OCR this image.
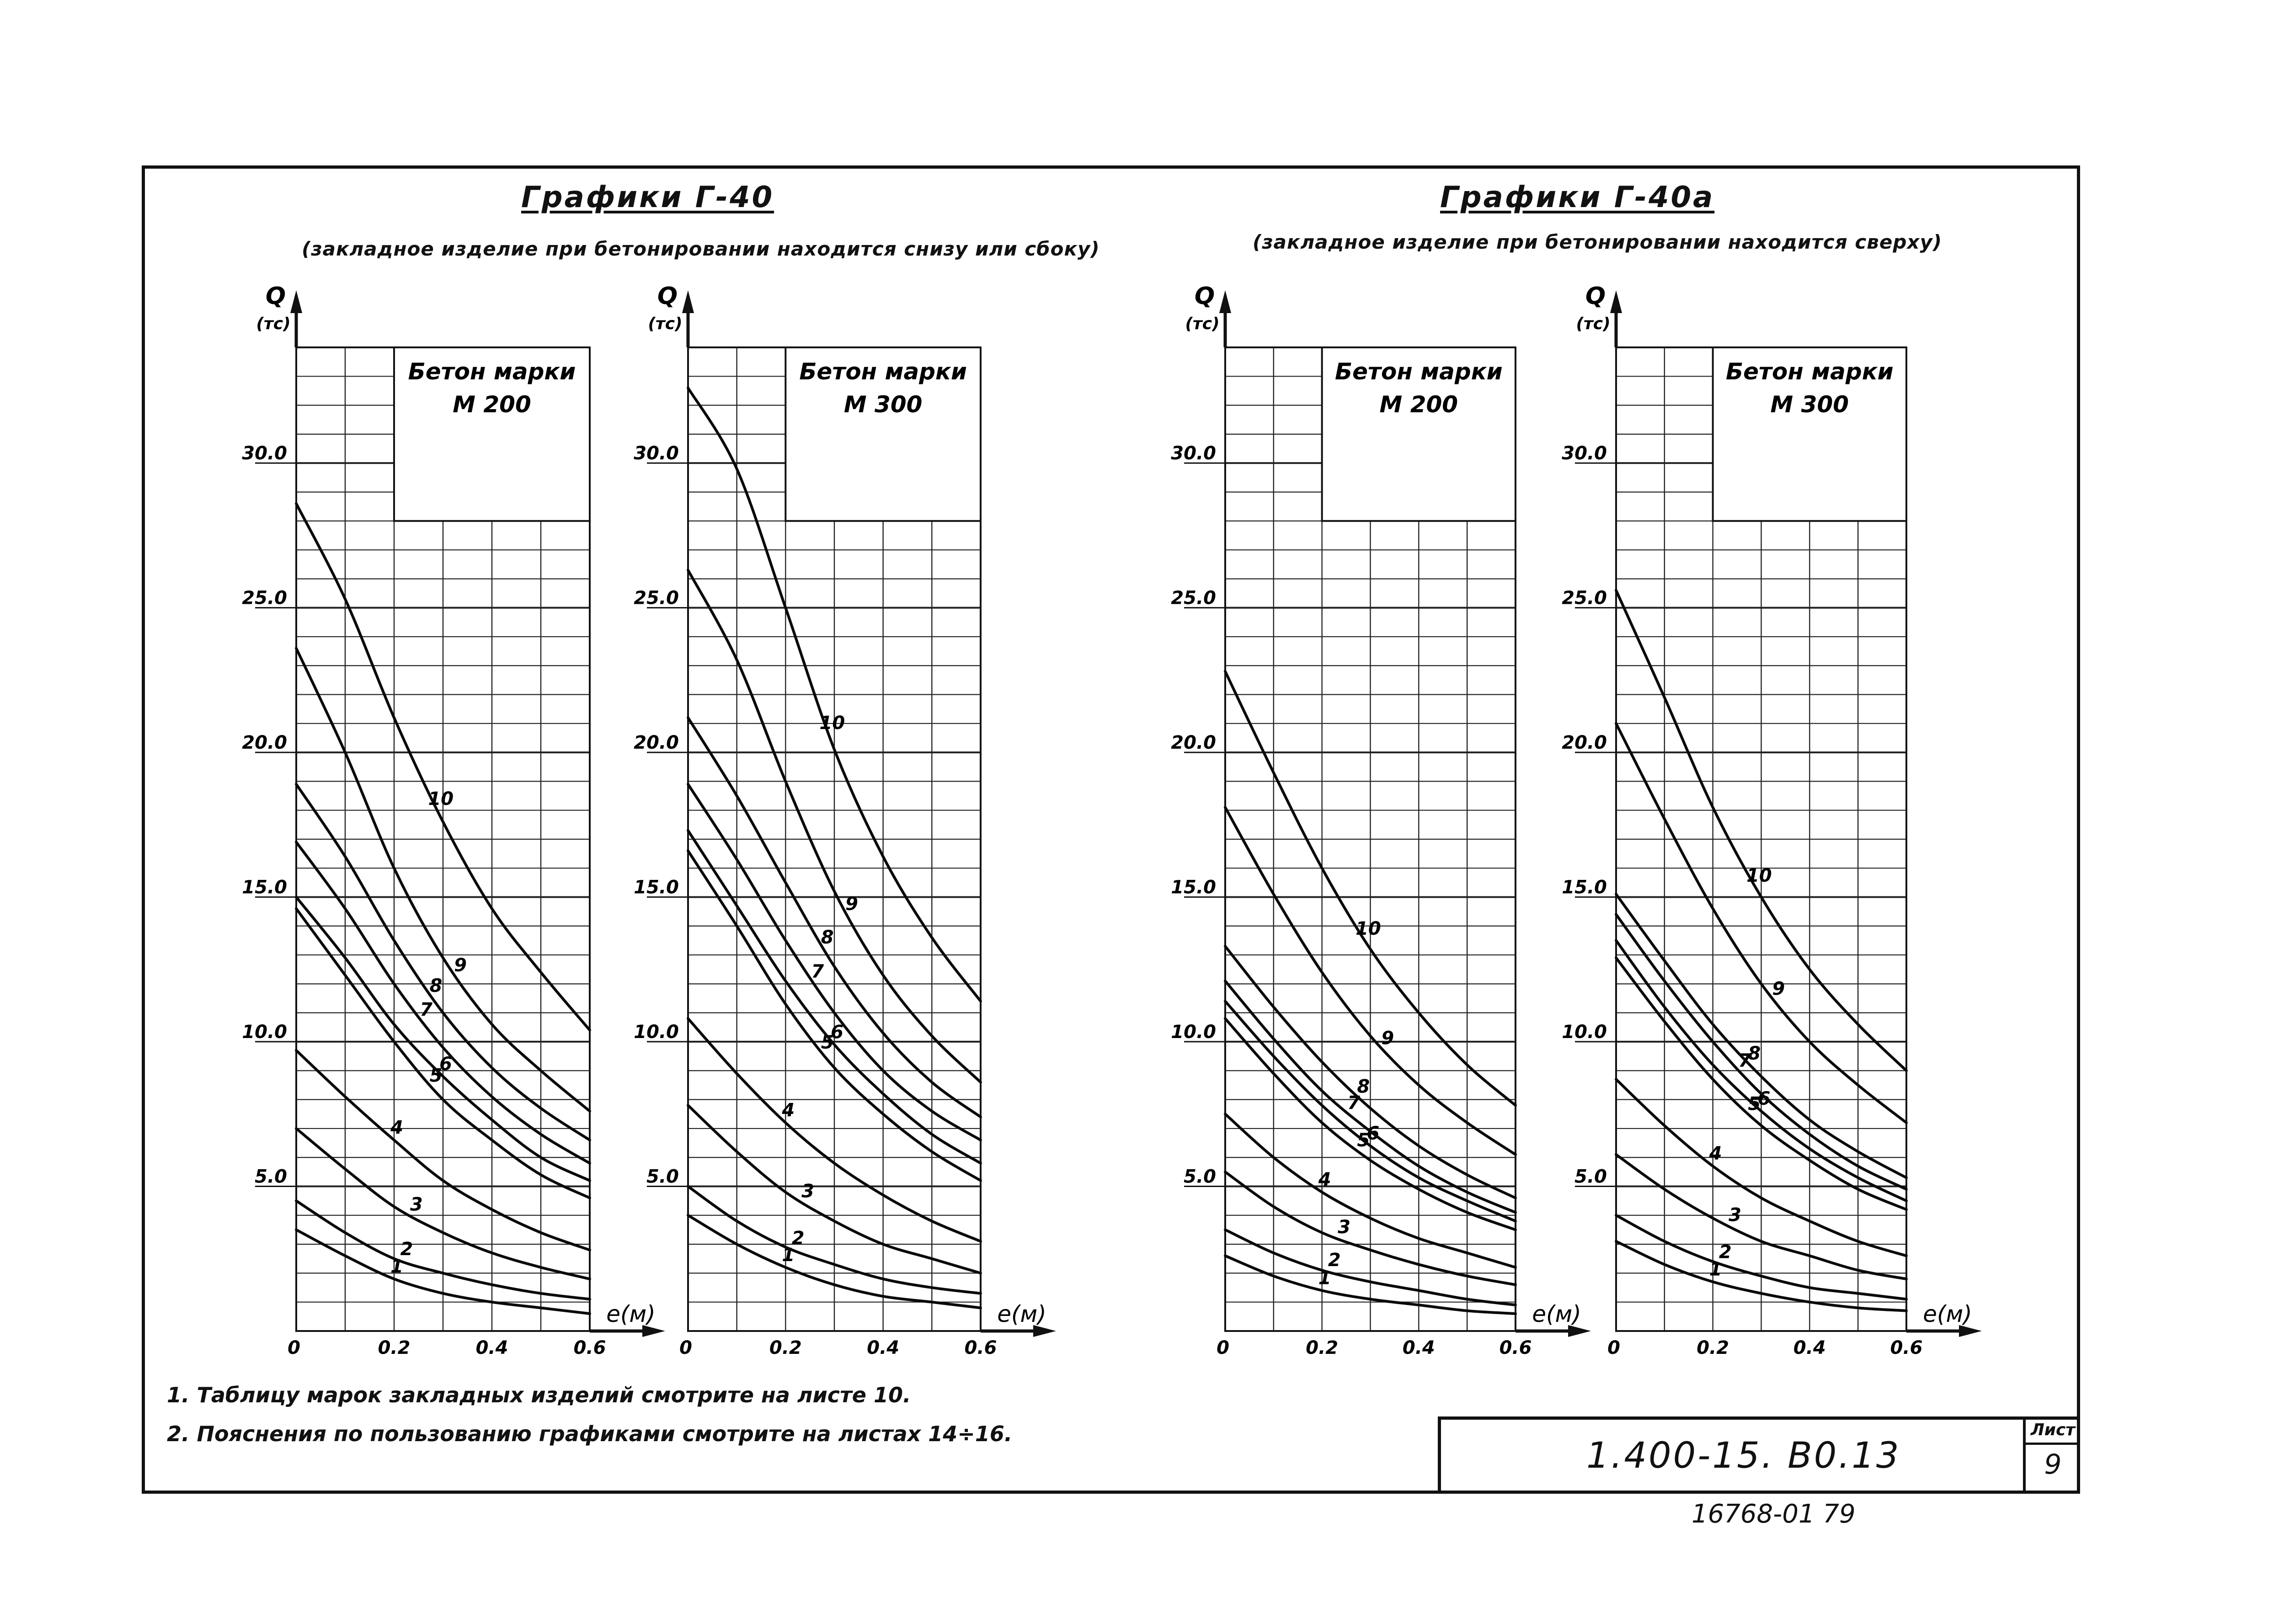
Бетон марки
М 200
Q
(тс)
е(м)
5.0
10.0
15.0
20.0
25.0
30.0
0	0.2	0.4	0.6
1
2
3
4
5
6
7
8
9
10
Бетон марки
М 300
Q
(тс)
е(м)
5.0
10.0
15.0
20.0
25.0
30.0
0	0.2	0.4	0.6
1
2
3
4
5
6
7
8
9
10
Бетон марки
М 200
Q
(тс)
е(м)
5.0
10.0
15.0
20.0
25.0
30.0
0	0.2	0.4	0.6
1
2
3
4
5
6
7
8
9
10
Бетон марки
М 300
Q
(тс)
е(м)
5.0
10.0
15.0
20.0
25.0
30.0
0	0.2	0.4	0.6
1
2
3
4
5
6
7
8
9
10
Графики Г-40
(закладное изделие при бетонировании находится снизу или сбоку)
Графики Г-40а
(закладное изделие при бетонировании находится сверху)
1. Таблицу марок закладных изделий смотрите на листе 10.
2. Пояснения по пользованию графиками смотрите на листах 14÷16.
1.400-15. В0.13
Лист
9
16768-01 79
